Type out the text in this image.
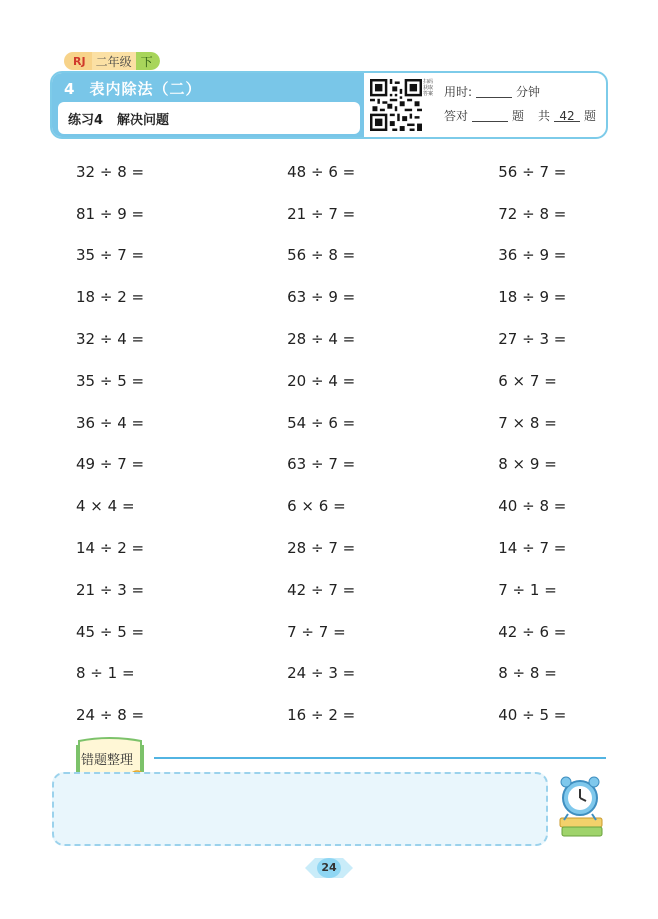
RJ 二年级 下
4 表内除法（二）
练习4 解决问题
扫码获取答案 用时:	分钟
答对	题 共 42 题
32 ÷ 8 =	48 ÷ 6 =	56 ÷ 7 =
81 ÷ 9 =	21 ÷ 7 =	72 ÷ 8 =
35 ÷ 7 =	56 ÷ 8 =	36 ÷ 9 =
18 ÷ 2 =	63 ÷ 9 =	18 ÷ 9 =
32 ÷ 4 =	28 ÷ 4 =	27 ÷ 3 =
35 ÷ 5 =	20 ÷ 4 =	6 × 7 =
36 ÷ 4 =	54 ÷ 6 =	7 × 8 =
49 ÷ 7 =	63 ÷ 7 =	8 × 9 =
4 × 4 =	6 × 6 =	40 ÷ 8 =
14 ÷ 2 =	28 ÷ 7 =	14 ÷ 7 =
21 ÷ 3 =	42 ÷ 7 =	7 ÷ 1 =
45 ÷ 5 =	7 ÷ 7 =	42 ÷ 6 =
8 ÷ 1 =	24 ÷ 3 =	8 ÷ 8 =
24 ÷ 8 =	16 ÷ 2 =	40 ÷ 5 =
错题整理
24
